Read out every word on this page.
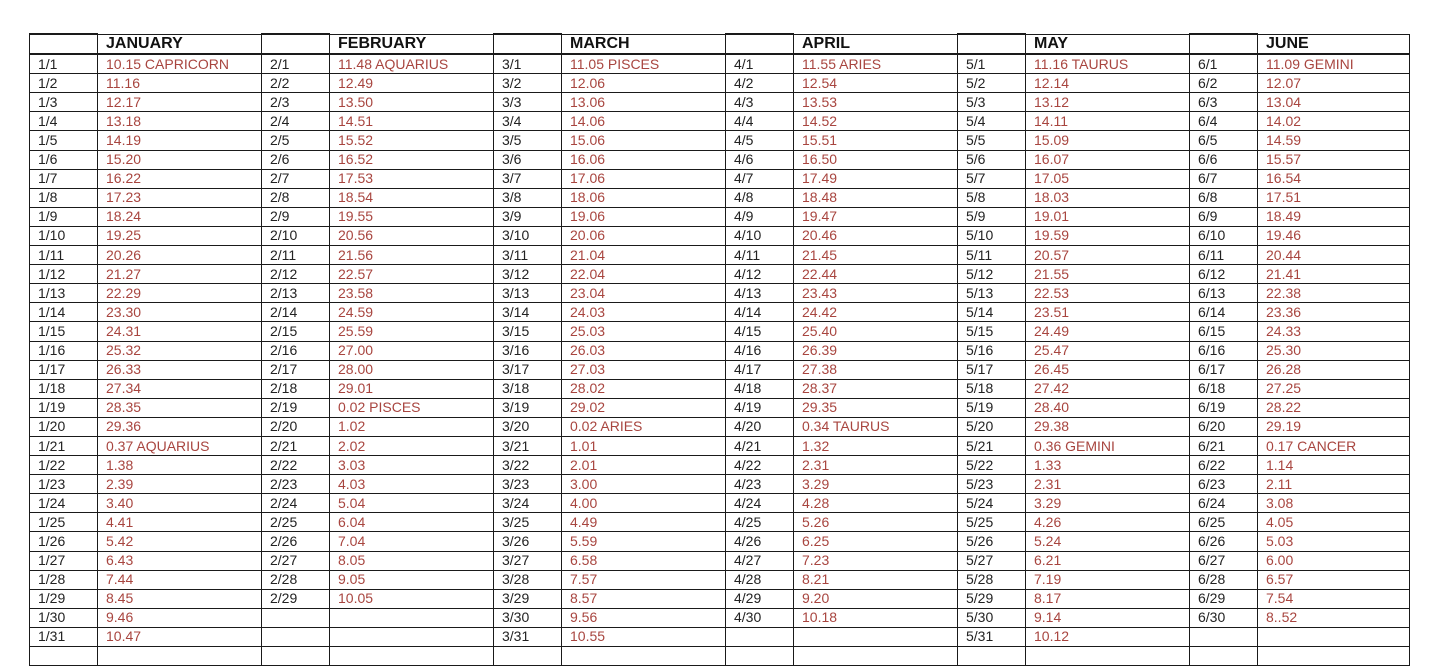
	JANUARY		FEBRUARY		MARCH		APRIL		MAY		JUNE
1/1	10.15 CAPRICORN	2/1	11.48 AQUARIUS	3/1	11.05 PISCES	4/1	11.55 ARIES	5/1	11.16 TAURUS	6/1	11.09 GEMINI
1/2	11.16	2/2	12.49	3/2	12.06	4/2	12.54	5/2	12.14	6/2	12.07
1/3	12.17	2/3	13.50	3/3	13.06	4/3	13.53	5/3	13.12	6/3	13.04
1/4	13.18	2/4	14.51	3/4	14.06	4/4	14.52	5/4	14.11	6/4	14.02
1/5	14.19	2/5	15.52	3/5	15.06	4/5	15.51	5/5	15.09	6/5	14.59
1/6	15.20	2/6	16.52	3/6	16.06	4/6	16.50	5/6	16.07	6/6	15.57
1/7	16.22	2/7	17.53	3/7	17.06	4/7	17.49	5/7	17.05	6/7	16.54
1/8	17.23	2/8	18.54	3/8	18.06	4/8	18.48	5/8	18.03	6/8	17.51
1/9	18.24	2/9	19.55	3/9	19.06	4/9	19.47	5/9	19.01	6/9	18.49
1/10	19.25	2/10	20.56	3/10	20.06	4/10	20.46	5/10	19.59	6/10	19.46
1/11	20.26	2/11	21.56	3/11	21.04	4/11	21.45	5/11	20.57	6/11	20.44
1/12	21.27	2/12	22.57	3/12	22.04	4/12	22.44	5/12	21.55	6/12	21.41
1/13	22.29	2/13	23.58	3/13	23.04	4/13	23.43	5/13	22.53	6/13	22.38
1/14	23.30	2/14	24.59	3/14	24.03	4/14	24.42	5/14	23.51	6/14	23.36
1/15	24.31	2/15	25.59	3/15	25.03	4/15	25.40	5/15	24.49	6/15	24.33
1/16	25.32	2/16	27.00	3/16	26.03	4/16	26.39	5/16	25.47	6/16	25.30
1/17	26.33	2/17	28.00	3/17	27.03	4/17	27.38	5/17	26.45	6/17	26.28
1/18	27.34	2/18	29.01	3/18	28.02	4/18	28.37	5/18	27.42	6/18	27.25
1/19	28.35	2/19	0.02 PISCES	3/19	29.02	4/19	29.35	5/19	28.40	6/19	28.22
1/20	29.36	2/20	1.02	3/20	0.02 ARIES	4/20	0.34 TAURUS	5/20	29.38	6/20	29.19
1/21	0.37 AQUARIUS	2/21	2.02	3/21	1.01	4/21	1.32	5/21	0.36 GEMINI	6/21	0.17 CANCER
1/22	1.38	2/22	3.03	3/22	2.01	4/22	2.31	5/22	1.33	6/22	1.14
1/23	2.39	2/23	4.03	3/23	3.00	4/23	3.29	5/23	2.31	6/23	2.11
1/24	3.40	2/24	5.04	3/24	4.00	4/24	4.28	5/24	3.29	6/24	3.08
1/25	4.41	2/25	6.04	3/25	4.49	4/25	5.26	5/25	4.26	6/25	4.05
1/26	5.42	2/26	7.04	3/26	5.59	4/26	6.25	5/26	5.24	6/26	5.03
1/27	6.43	2/27	8.05	3/27	6.58	4/27	7.23	5/27	6.21	6/27	6.00
1/28	7.44	2/28	9.05	3/28	7.57	4/28	8.21	5/28	7.19	6/28	6.57
1/29	8.45	2/29	10.05	3/29	8.57	4/29	9.20	5/29	8.17	6/29	7.54
1/30	9.46			3/30	9.56	4/30	10.18	5/30	9.14	6/30	8..52
1/31	10.47			3/31	10.55			5/31	10.12		
